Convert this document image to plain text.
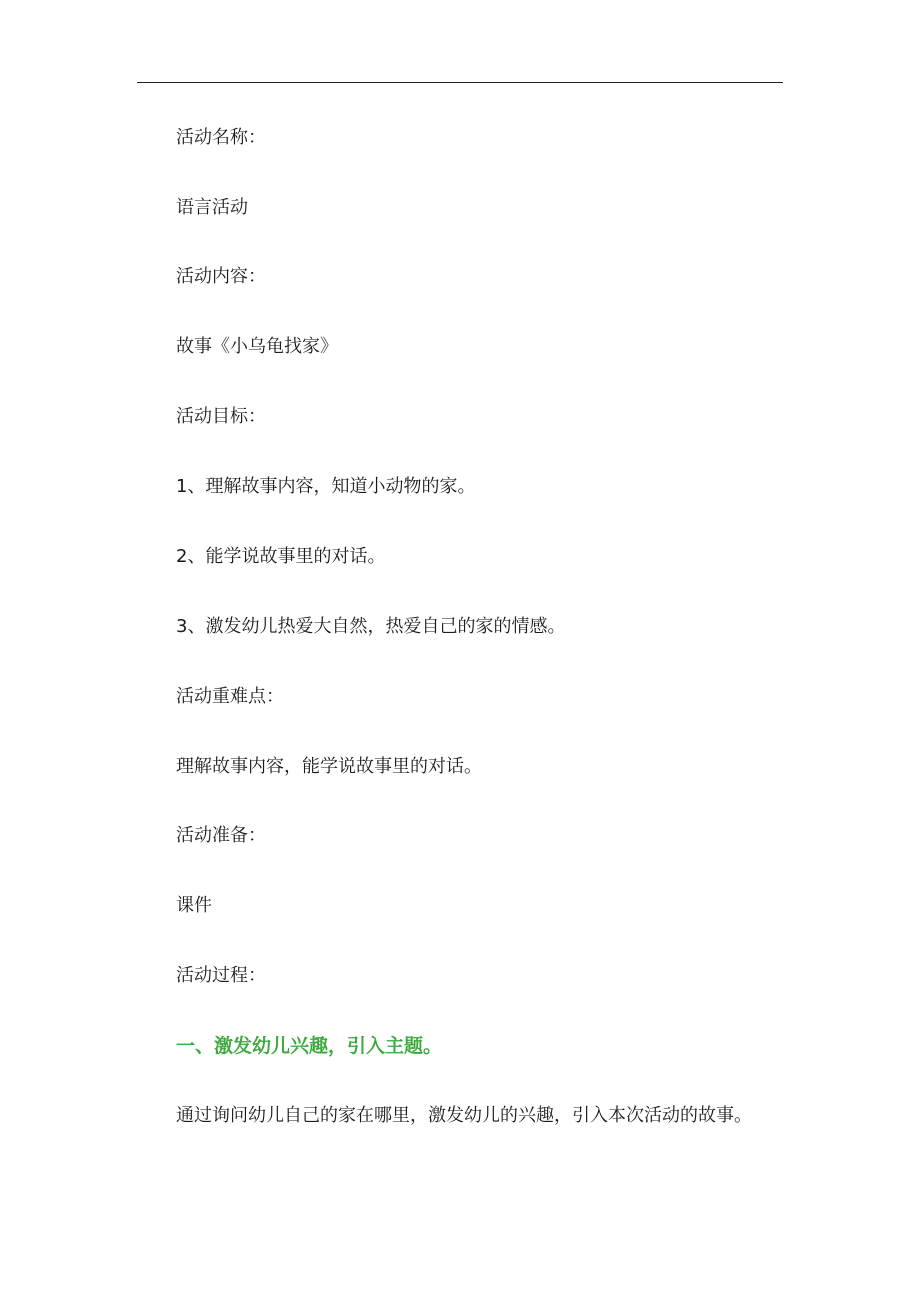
活动名称：
语言活动
活动内容：
故事《小乌龟找家》
活动目标：
1、理解故事内容，知道小动物的家。
2、能学说故事里的对话。
3、激发幼儿热爱大自然，热爱自己的家的情感。
活动重难点：
理解故事内容，能学说故事里的对话。
活动准备：
课件
活动过程：
一、激发幼儿兴趣，引入主题。
通过询问幼儿自己的家在哪里，激发幼儿的兴趣，引入本次活动的故事。
